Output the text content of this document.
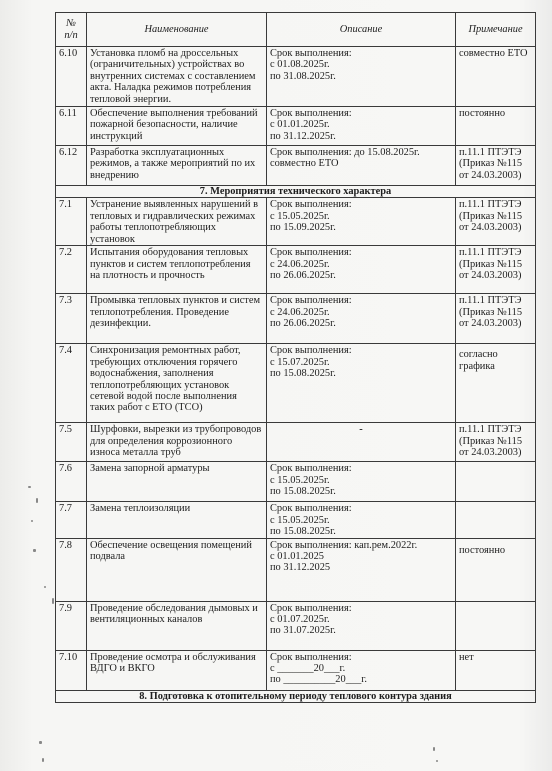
№
п/п	Наименование	Описание	Примечание
6.10	Установка пломб на дроссельных (ограничительных) устройствах во внутренних системах с составлением акта. Наладка режимов потребления тепловой энергии.	Срок выполнения:
с 01.08.2025г.
по 31.08.2025г.	совместно ЕТО
6.11	Обеспечение выполнения требований пожарной безопасности, наличие инструкций	Срок выполнения:
с 01.01.2025г.
по 31.12.2025г.	постоянно
6.12	Разработка эксплуатационных режимов, а также мероприятий по их внедрению	Срок выполнения: до 15.08.2025г.
совместно ЕТО	п.11.1 ПТЭТЭ
(Приказ №115
от 24.03.2003)
7. Мероприятия технического характера			
7.1	Устранение выявленных нарушений в тепловых и гидравлических режимах работы теплопотребляющих установок	Срок выполнения:
с 15.05.2025г.
по 15.09.2025г.	п.11.1 ПТЭТЭ
(Приказ №115
от 24.03.2003)
7.2	Испытания оборудования тепловых пунктов и систем теплопотребления на плотность и прочность	Срок выполнения:
с 24.06.2025г.
по 26.06.2025г.	п.11.1 ПТЭТЭ
(Приказ №115
от 24.03.2003)
7.3	Промывка тепловых пунктов и систем теплопотребления. Проведение дезинфекции.	Срок выполнения:
с 24.06.2025г.
по 26.06.2025г.	п.11.1 ПТЭТЭ
(Приказ №115
от 24.03.2003)
7.4	Синхронизация ремонтных работ, требующих отключения горячего водоснабжения, заполнения теплопотребляющих установок сетевой водой после выполнения таких работ с ЕТО (ТСО)	Срок выполнения:
с 15.07.2025г.
по 15.08.2025г.	согласно
графика
7.5	Шурфовки, вырезки из трубопроводов для определения коррозионного износа металла труб	-	п.11.1 ПТЭТЭ
(Приказ №115
от 24.03.2003)
7.6	Замена запорной арматуры	Срок выполнения:
с 15.05.2025г.
по 15.08.2025г.	
7.7	Замена теплоизоляции	Срок выполнения:
с 15.05.2025г.
по 15.08.2025г.	
7.8	Обеспечение освещения помещений подвала	Срок выполнения: кап.рем.2022г.
с 01.01.2025
по 31.12.2025	постоянно
7.9	Проведение обследования дымовых и вентиляционных каналов	Срок выполнения:
с 01.07.2025г.
по 31.07.2025г.	
7.10	Проведение осмотра и обслуживания ВДГО и ВКГО	Срок выполнения:
с _______20___г.
по __________20___г.	нет
8. Подготовка к отопительному периоду теплового контура здания			
